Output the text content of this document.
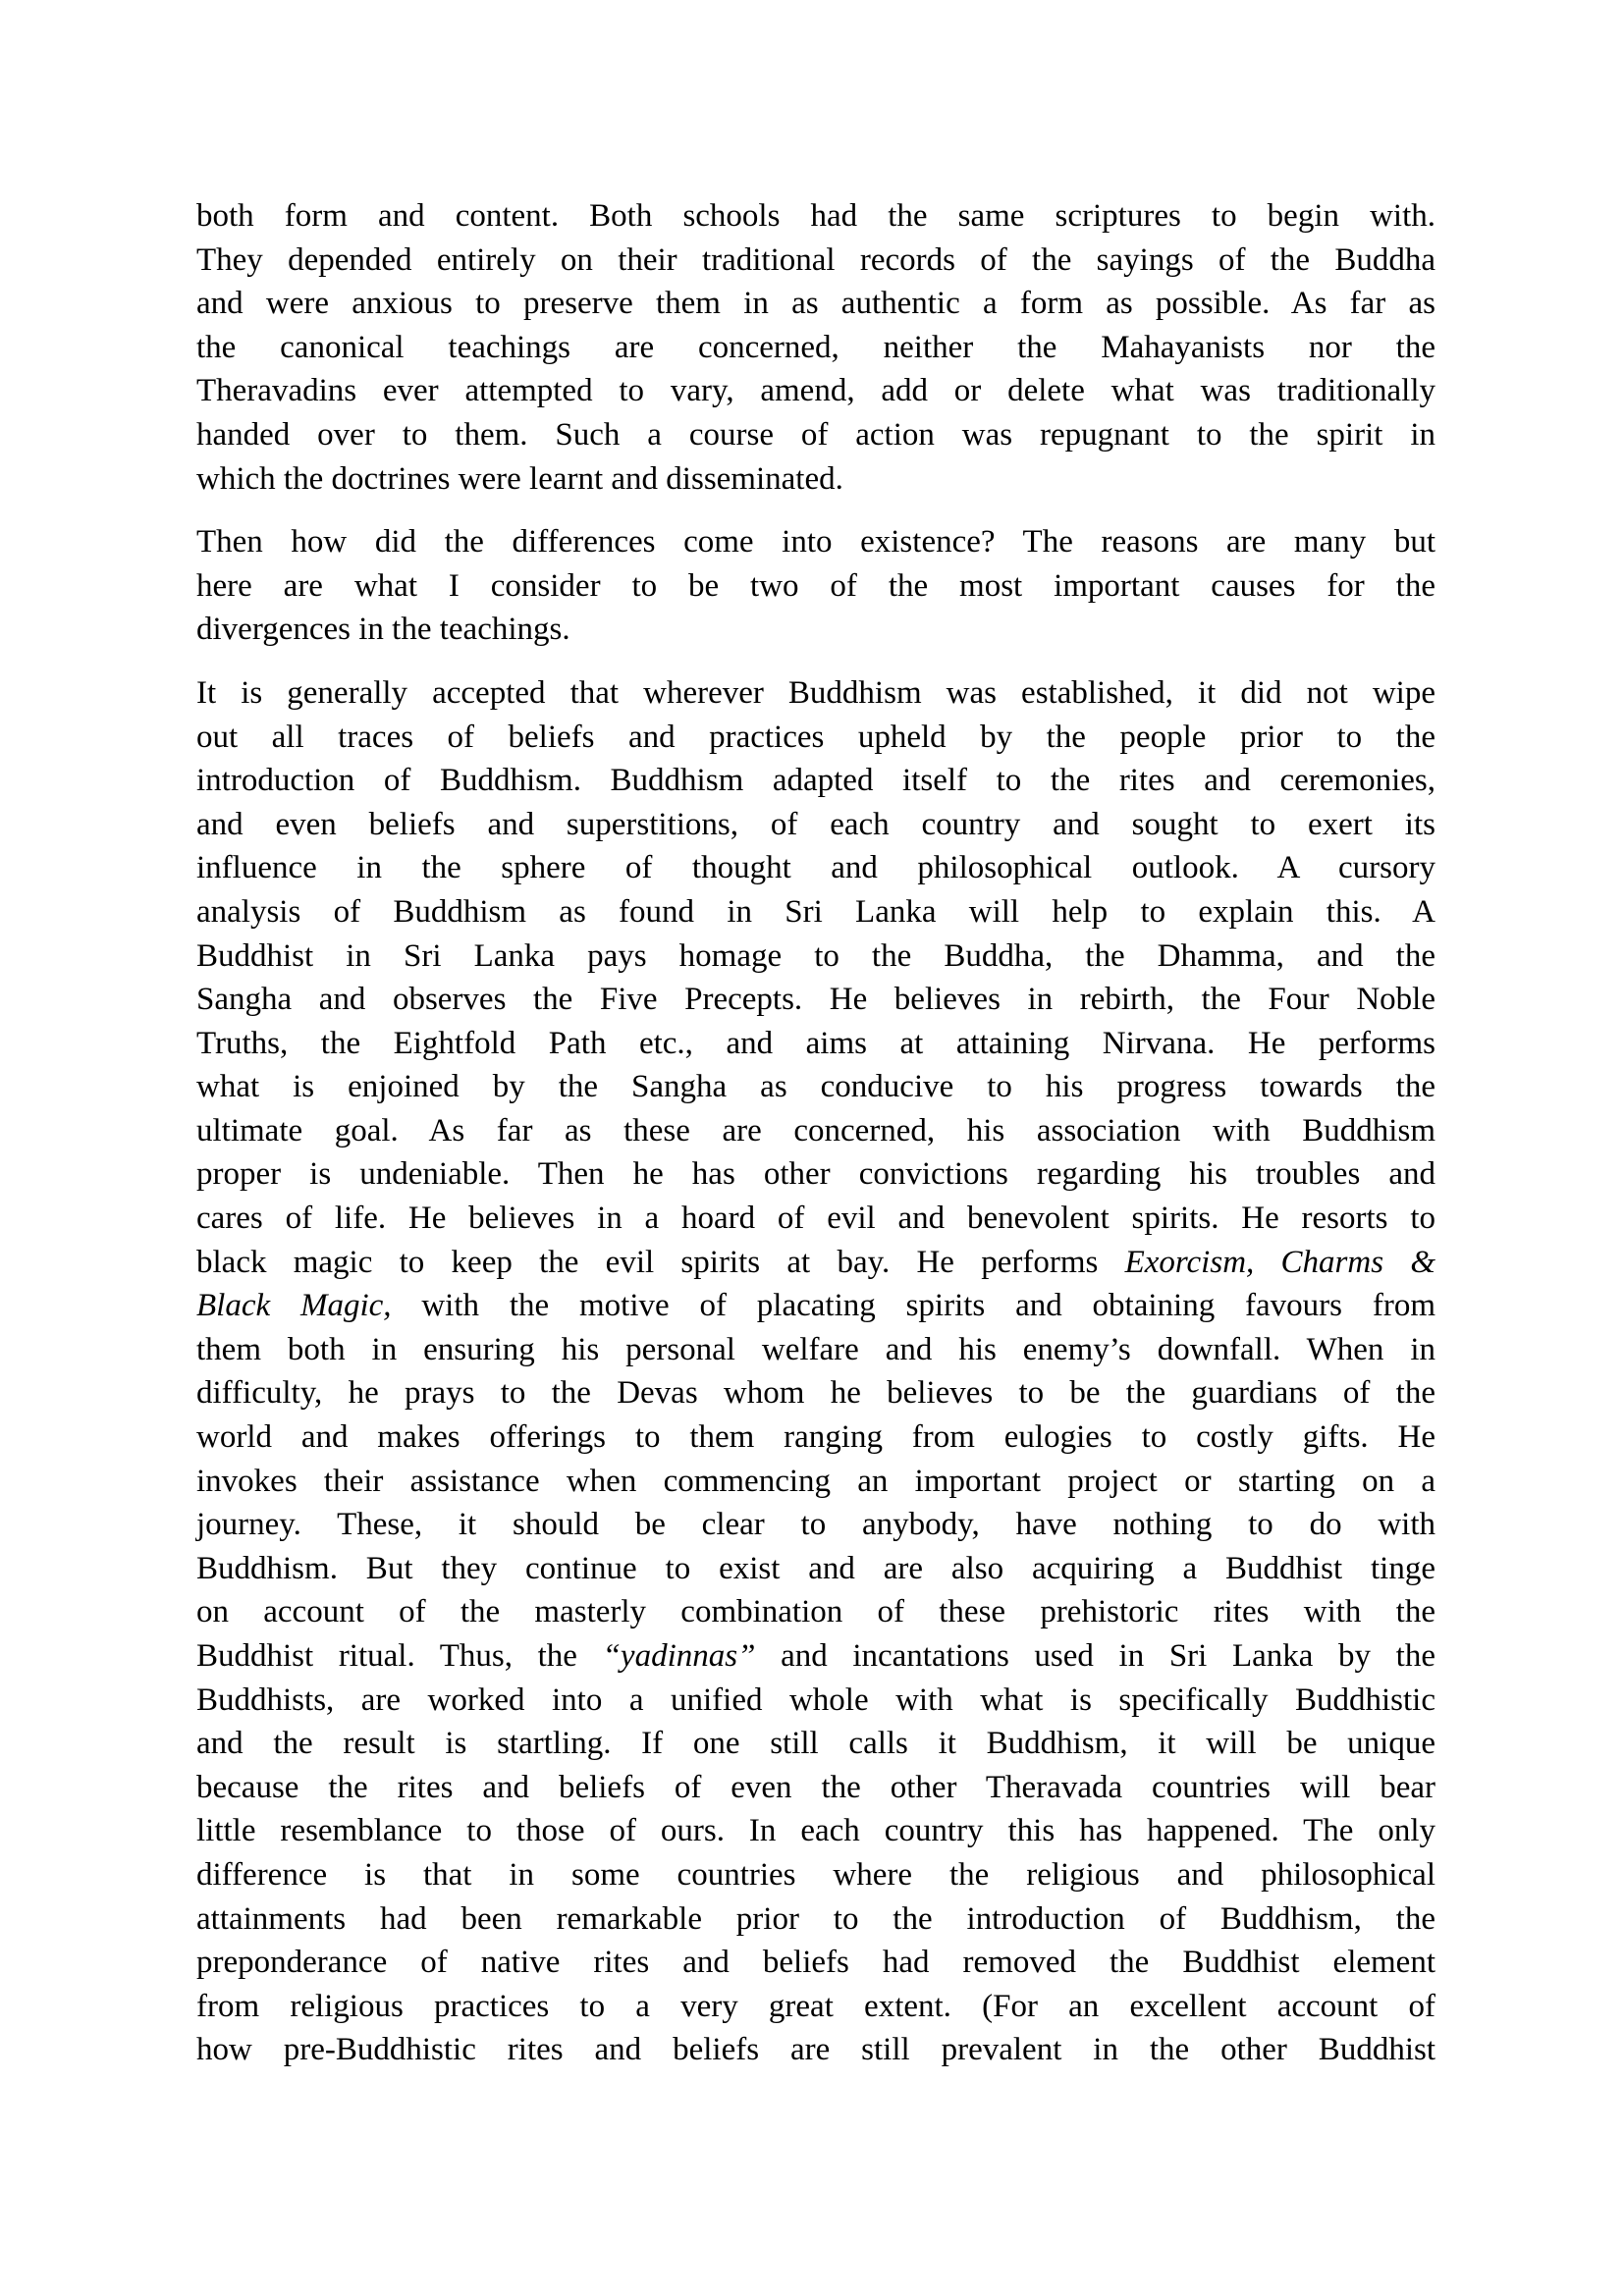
both form and content. Both schools had the same scriptures to begin with.
They depended entirely on their traditional records of the sayings of the Buddha
and were anxious to preserve them in as authentic a form as possible. As far as
the canonical teachings are concerned, neither the Mahayanists nor the
Theravadins ever attempted to vary, amend, add or delete what was traditionally
handed over to them. Such a course of action was repugnant to the spirit in
which the doctrines were learnt and disseminated.
Then how did the differences come into existence? The reasons are many but
here are what I consider to be two of the most important causes for the
divergences in the teachings.
It is generally accepted that wherever Buddhism was established, it did not wipe
out all traces of beliefs and practices upheld by the people prior to the
introduction of Buddhism. Buddhism adapted itself to the rites and ceremonies,
and even beliefs and superstitions, of each country and sought to exert its
influence in the sphere of thought and philosophical outlook. A cursory
analysis of Buddhism as found in Sri Lanka will help to explain this. A
Buddhist in Sri Lanka pays homage to the Buddha, the Dhamma, and the
Sangha and observes the Five Precepts. He believes in rebirth, the Four Noble
Truths, the Eightfold Path etc., and aims at attaining Nirvana. He performs
what is enjoined by the Sangha as conducive to his progress towards the
ultimate goal. As far as these are concerned, his association with Buddhism
proper is undeniable. Then he has other convictions regarding his troubles and
cares of life. He believes in a hoard of evil and benevolent spirits. He resorts to
black magic to keep the evil spirits at bay. He performs Exorcism, Charms &
Black Magic, with the motive of placating spirits and obtaining favours from
them both in ensuring his personal welfare and his enemy’s downfall. When in
difficulty, he prays to the Devas whom he believes to be the guardians of the
world and makes offerings to them ranging from eulogies to costly gifts. He
invokes their assistance when commencing an important project or starting on a
journey. These, it should be clear to anybody, have nothing to do with
Buddhism. But they continue to exist and are also acquiring a Buddhist tinge
on account of the masterly combination of these prehistoric rites with the
Buddhist ritual. Thus, the “yadinnas” and incantations used in Sri Lanka by the
Buddhists, are worked into a unified whole with what is specifically Buddhistic
and the result is startling. If one still calls it Buddhism, it will be unique
because the rites and beliefs of even the other Theravada countries will bear
little resemblance to those of ours. In each country this has happened. The only
difference is that in some countries where the religious and philosophical
attainments had been remarkable prior to the introduction of Buddhism, the
preponderance of native rites and beliefs had removed the Buddhist element
from religious practices to a very great extent. (For an excellent account of
how pre-Buddhistic rites and beliefs are still prevalent in the other Buddhist
